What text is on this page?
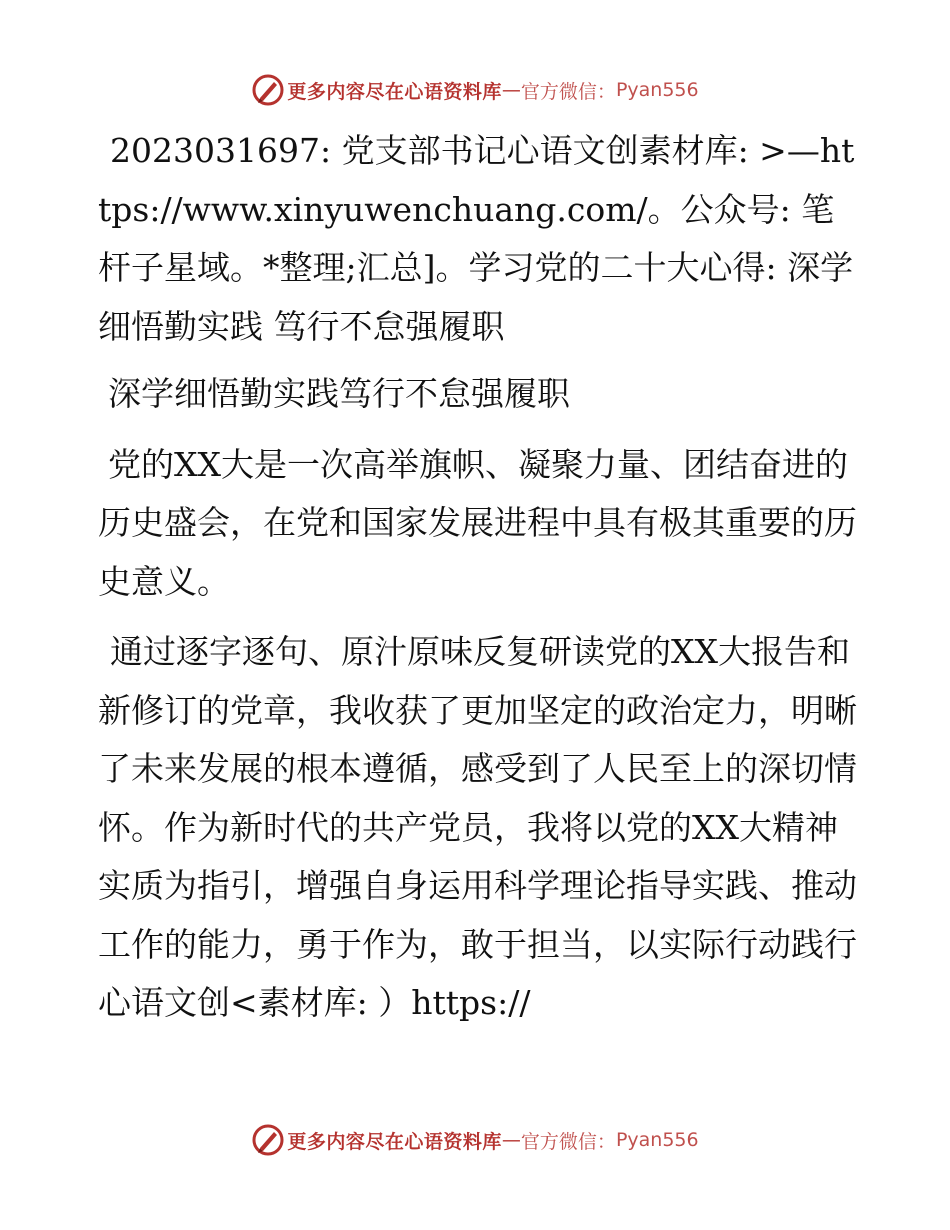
更多内容尽在心语资料库 — 官方微信： Pyan556

2023031697: 党支部书记心语文创素材库: >—https://www.xinyuwenchuang.com/。公众号: 笔杆子星域。*整理;汇总]。学习党的二十大心得: 深学细悟勤实践 笃行不怠强履职

深学细悟勤实践笃行不怠强履职

党的XX大是一次高举旗帜、凝聚力量、团结奋进的历史盛会，在党和国家发展进程中具有极其重要的历史意义。

通过逐字逐句、原汁原味反复研读党的XX大报告和新修订的党章，我收获了更加坚定的政治定力，明晰了未来发展的根本遵循，感受到了人民至上的深切情怀。作为新时代的共产党员，我将以党的XX大精神实质为指引，增强自身运用科学理论指导实践、推动工作的能力，勇于作为，敢于担当，以实际行动践行心语文创<素材库: ）https://

更多内容尽在心语资料库 — 官方微信： Pyan556
